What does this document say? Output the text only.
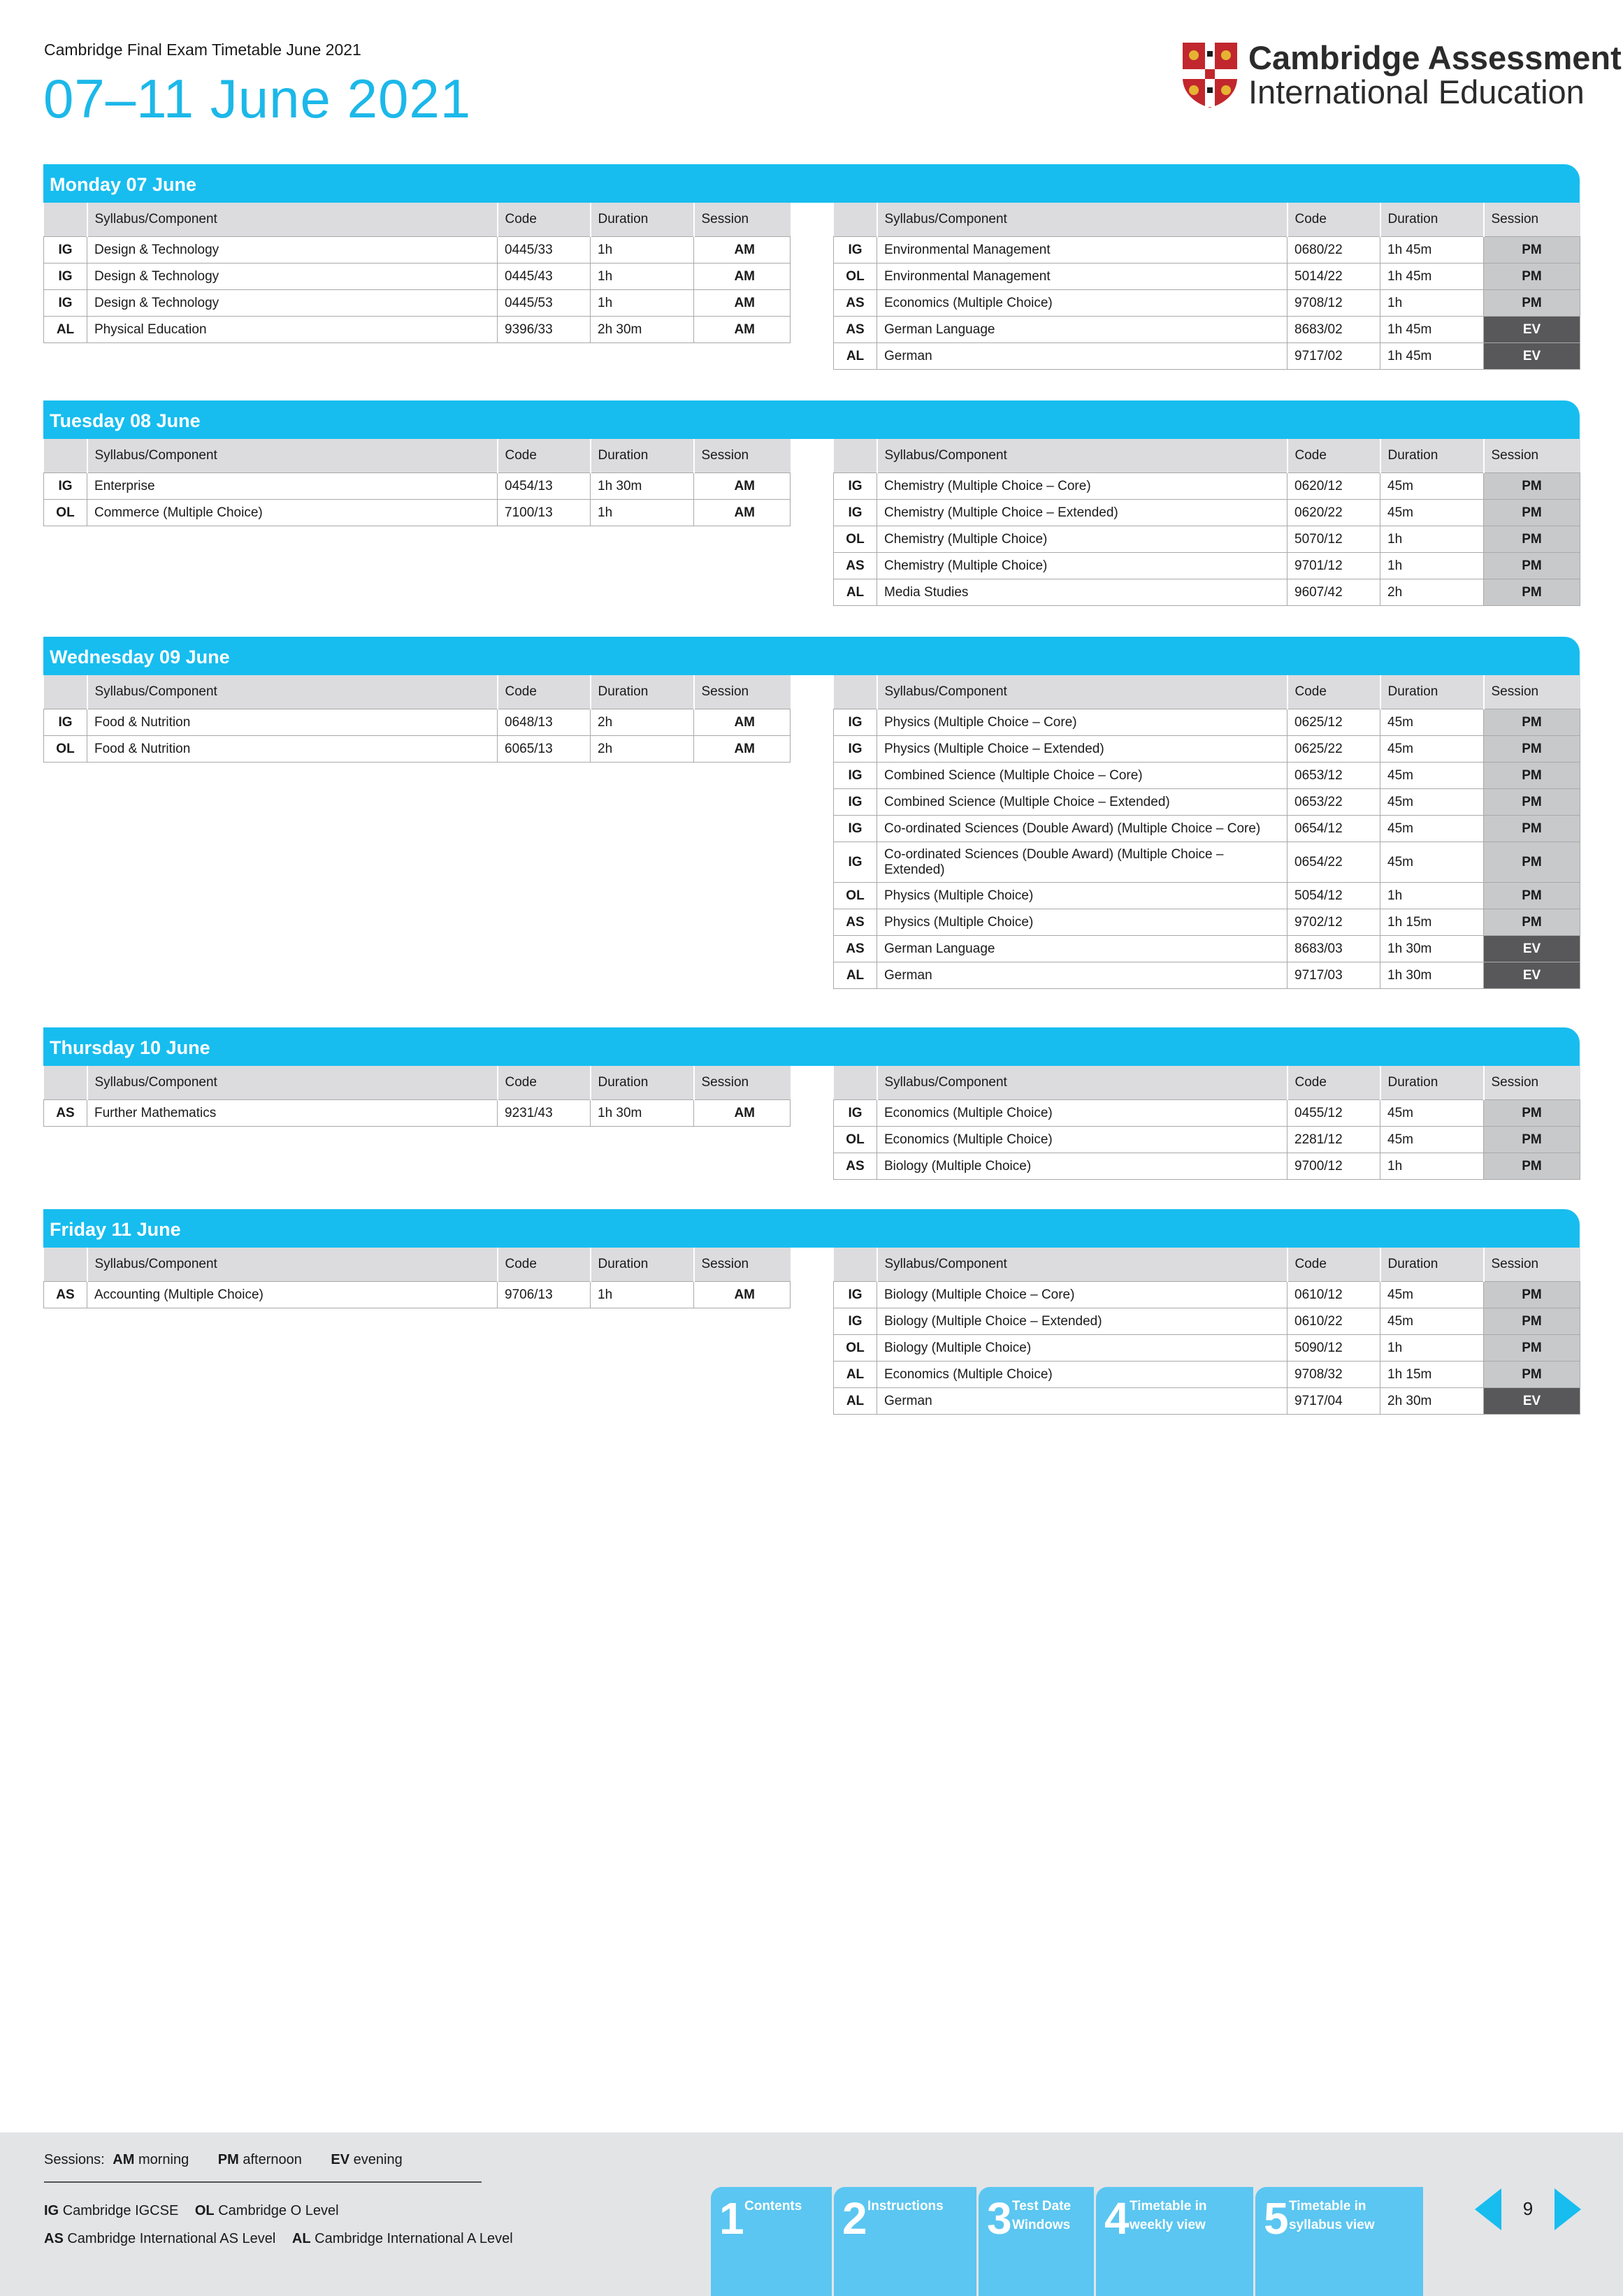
Cambridge Final Exam Timetable June 2021
07–11 June 2021
Cambridge Assessment
International Education
Monday 07 June
	Syllabus/Component	Code	Duration	Session
IG	Design & Technology	0445/33	1h	AM
IG	Design & Technology	0445/43	1h	AM
IG	Design & Technology	0445/53	1h	AM
AL	Physical Education	9396/33	2h 30m	AM
	Syllabus/Component	Code	Duration	Session
IG	Environmental Management	0680/22	1h 45m	PM
OL	Environmental Management	5014/22	1h 45m	PM
AS	Economics (Multiple Choice)	9708/12	1h	PM
AS	German Language	8683/02	1h 45m	EV
AL	German	9717/02	1h 45m	EV
Tuesday 08 June
	Syllabus/Component	Code	Duration	Session
IG	Enterprise	0454/13	1h 30m	AM
OL	Commerce (Multiple Choice)	7100/13	1h	AM
	Syllabus/Component	Code	Duration	Session
IG	Chemistry (Multiple Choice – Core)	0620/12	45m	PM
IG	Chemistry (Multiple Choice – Extended)	0620/22	45m	PM
OL	Chemistry (Multiple Choice)	5070/12	1h	PM
AS	Chemistry (Multiple Choice)	9701/12	1h	PM
AL	Media Studies	9607/42	2h	PM
Wednesday 09 June
	Syllabus/Component	Code	Duration	Session
IG	Food & Nutrition	0648/13	2h	AM
OL	Food & Nutrition	6065/13	2h	AM
	Syllabus/Component	Code	Duration	Session
IG	Physics (Multiple Choice – Core)	0625/12	45m	PM
IG	Physics (Multiple Choice – Extended)	0625/22	45m	PM
IG	Combined Science (Multiple Choice – Core)	0653/12	45m	PM
IG	Combined Science (Multiple Choice – Extended)	0653/22	45m	PM
IG	Co-ordinated Sciences (Double Award) (Multiple Choice – Core)	0654/12	45m	PM
IG	Co-ordinated Sciences (Double Award) (Multiple Choice – Extended)	0654/22	45m	PM
OL	Physics (Multiple Choice)	5054/12	1h	PM
AS	Physics (Multiple Choice)	9702/12	1h 15m	PM
AS	German Language	8683/03	1h 30m	EV
AL	German	9717/03	1h 30m	EV
Thursday 10 June
	Syllabus/Component	Code	Duration	Session
AS	Further Mathematics	9231/43	1h 30m	AM
	Syllabus/Component	Code	Duration	Session
IG	Economics (Multiple Choice)	0455/12	45m	PM
OL	Economics (Multiple Choice)	2281/12	45m	PM
AS	Biology (Multiple Choice)	9700/12	1h	PM
Friday 11 June
	Syllabus/Component	Code	Duration	Session
AS	Accounting (Multiple Choice)	9706/13	1h	AM
	Syllabus/Component	Code	Duration	Session
IG	Biology (Multiple Choice – Core)	0610/12	45m	PM
IG	Biology (Multiple Choice – Extended)	0610/22	45m	PM
OL	Biology (Multiple Choice)	5090/12	1h	PM
AL	Economics (Multiple Choice)	9708/32	1h 15m	PM
AL	German	9717/04	2h 30m	EV
Sessions: AM morning PM afternoon EV evening
IG Cambridge IGCSE OL Cambridge O Level
AS Cambridge International AS Level AL Cambridge International A Level	1 Contents 2 Instructions 3 Test Date
Windows 4 Timetable in
weekly view 5 Timetable in
syllabus view
9
